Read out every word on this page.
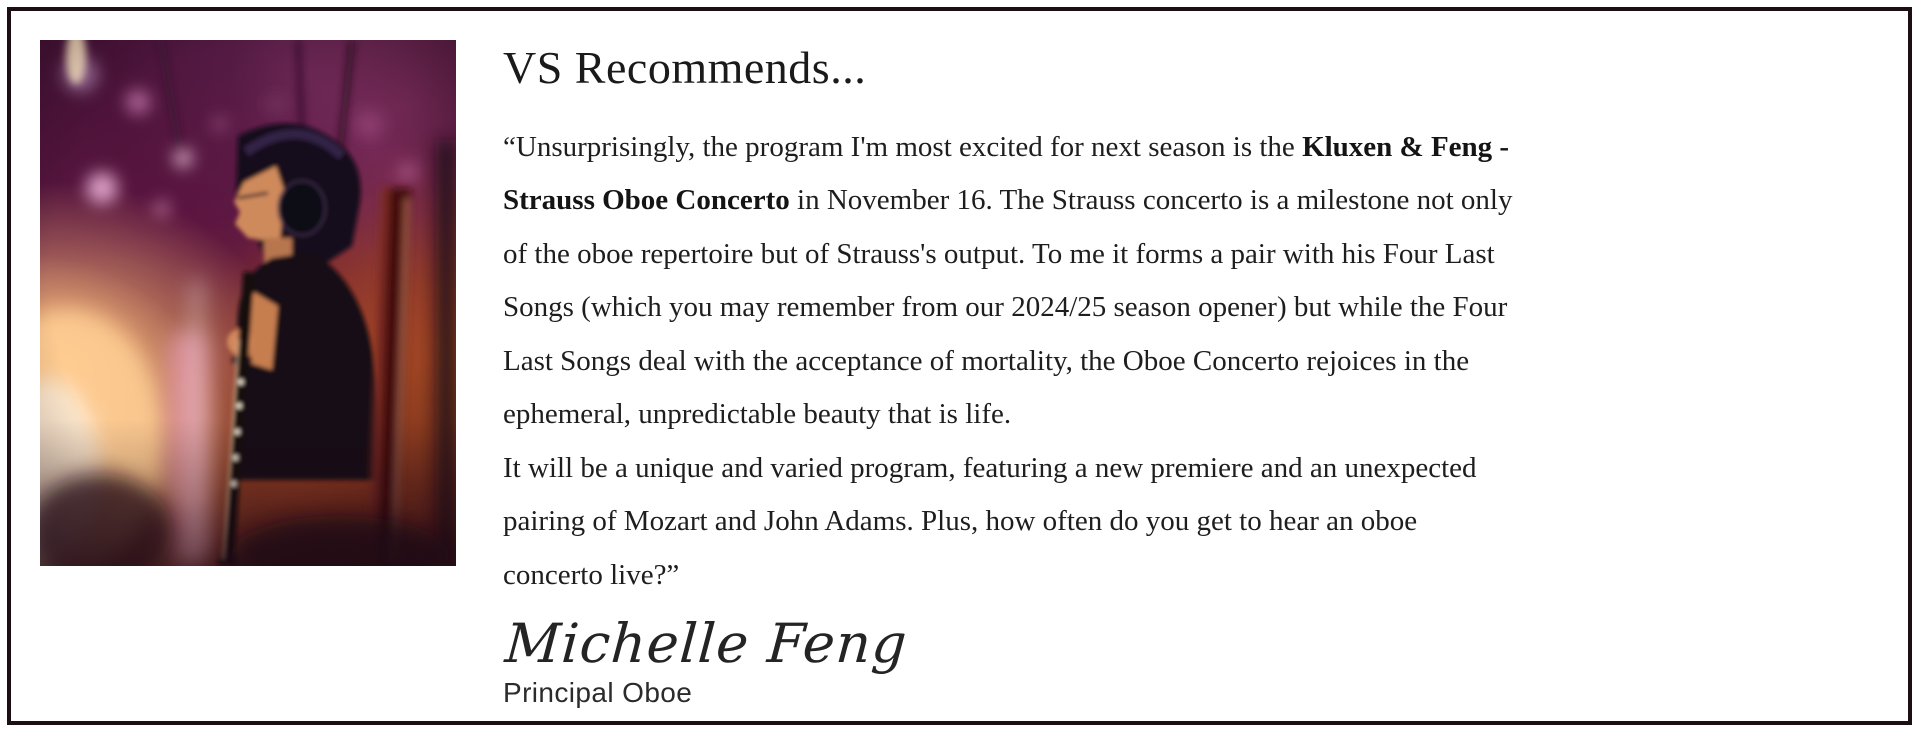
VS Recommends...

“Unsurprisingly, the program I'm most excited for next season is the Kluxen & Feng - Strauss Oboe Concerto in November 16. The Strauss concerto is a milestone not only of the oboe repertoire but of Strauss's output. To me it forms a pair with his Four Last Songs (which you may remember from our 2024/25 season opener) but while the Four Last Songs deal with the acceptance of mortality, the Oboe Concerto rejoices in the ephemeral, unpredictable beauty that is life.
It will be a unique and varied program, featuring a new premiere and an unexpected pairing of Mozart and John Adams. Plus, how often do you get to hear an oboe concerto live?”

Michelle Feng
Principal Oboe
